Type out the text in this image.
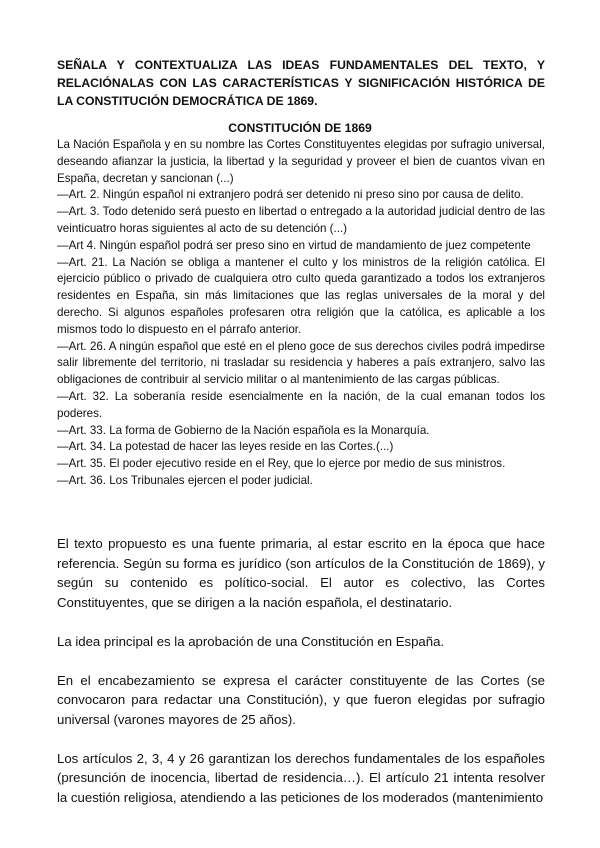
SEÑALA Y CONTEXTUALIZA LAS IDEAS FUNDAMENTALES DEL TEXTO, Y RELACIÓNALAS CON LAS CARACTERÍSTICAS Y SIGNIFICACIÓN HISTÓRICA DE LA CONSTITUCIÓN DEMOCRÁTICA DE 1869.

CONSTITUCIÓN DE 1869

La Nación Española y en su nombre las Cortes Constituyentes elegidas por sufragio universal, deseando afianzar la justicia, la libertad y la seguridad y proveer el bien de cuantos vivan en España, decretan y sancionan (...)

—Art. 2. Ningún español ni extranjero podrá ser detenido ni preso sino por causa de delito.

—Art. 3. Todo detenido será puesto en libertad o entregado a la autoridad judicial dentro de las veinticuatro horas siguientes al acto de su detención (...)

—Art 4. Ningún español podrá ser preso sino en virtud de mandamiento de juez competente

—Art. 21. La Nación se obliga a mantener el culto y los ministros de la religión católica. El ejercicio público o privado de cualquiera otro culto queda garantizado a todos los extranjeros residentes en España, sin más limitaciones que las reglas universales de la moral y del derecho. Si algunos españoles profesaren otra religión que la católica, es aplicable a los mismos todo lo dispuesto en el párrafo anterior.

—Art. 26. A ningún español que esté en el pleno goce de sus derechos civiles podrá impedirse salir libremente del territorio, ni trasladar su residencia y haberes a país extranjero, salvo las obligaciones de contribuir al servicio militar o al mantenimiento de las cargas públicas.

—Art. 32. La soberanía reside esencialmente en la nación, de la cual emanan todos los poderes.

—Art. 33. La forma de Gobierno de la Nación española es la Monarquía.

—Art. 34. La potestad de hacer las leyes reside en las Cortes.(...)

—Art. 35. El poder ejecutivo reside en el Rey, que lo ejerce por medio de sus ministros.

—Art. 36. Los Tribunales ejercen el poder judicial.

El texto propuesto es una fuente primaria, al estar escrito en la época que hace referencia. Según su forma es jurídico (son artículos de la Constitución de 1869), y según su contenido es político-social. El autor es colectivo, las Cortes Constituyentes, que se dirigen a la nación española, el destinatario.

La idea principal es la aprobación de una Constitución en España.

En el encabezamiento se expresa el carácter constituyente de las Cortes (se convocaron para redactar una Constitución), y que fueron elegidas por sufragio universal (varones mayores de 25 años).

Los artículos 2, 3, 4 y 26 garantizan los derechos fundamentales de los españoles (presunción de inocencia, libertad de residencia…). El artículo 21 intenta resolver la cuestión religiosa, atendiendo a las peticiones de los moderados (mantenimiento
